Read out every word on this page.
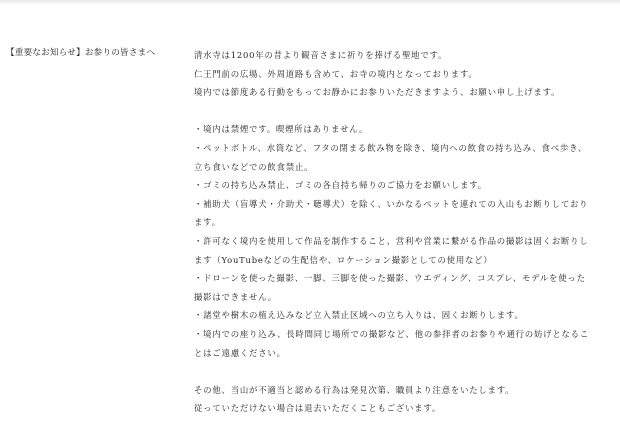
【重要なお知らせ】お参りの皆さまへ	清水寺は1200年の昔より観音さまに祈りを捧げる聖地です。
仁王門前の広場、外周道路も含めて、お寺の境内となっております。
境内では節度ある行動をもってお静かにお参りいただきますよう、お願い申し上げます。
・境内は禁煙です。喫煙所はありません。
・ペットボトル、水筒など、フタの閉まる飲み物を除き、境内への飲食の持ち込み、食べ歩き、
立ち食いなどでの飲食禁止。
・ゴミの持ち込み禁止、ゴミの各自持ち帰りのご協力をお願いします。
・補助犬（盲導犬・介助犬・聴導犬）を除く、いかなるペットを連れての入山もお断りしており
ます。
・許可なく境内を使用して作品を制作すること、営利や営業に繋がる作品の撮影は固くお断りし
ます（YouTubeなどの生配信や、ロケーション撮影としての使用など）
・ドローンを使った撮影、一脚、三脚を使った撮影、ウエディング、コスプレ、モデルを使った
撮影はできません。
・諸堂や樹木の植え込みなど立入禁止区域への立ち入りは、固くお断りします。
・境内での座り込み、長時間同じ場所での撮影など、他の参拝者のお参りや通行の妨げとなるこ
とはご遠慮ください。
その他、当山が不適当と認める行為は発見次第、職員より注意をいたします。
従っていただけない場合は退去いただくこともございます。
